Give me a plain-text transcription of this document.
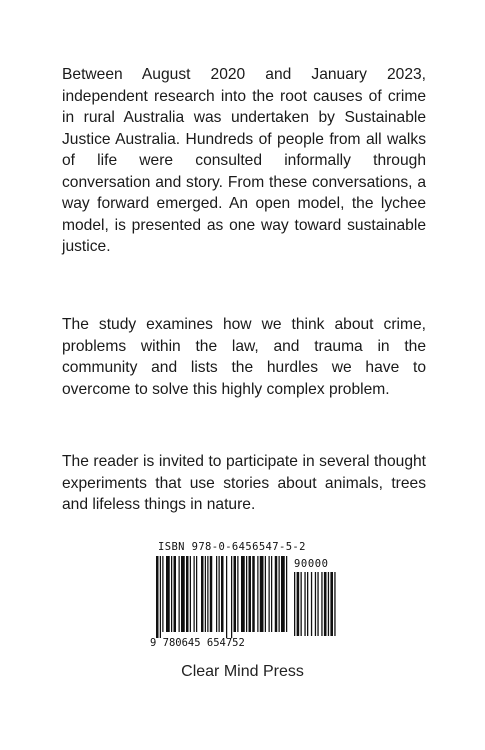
Between August 2020 and January 2023, independent research into the root causes of crime in rural Australia was undertaken by Sustainable Justice Australia. Hundreds of people from all walks of life were consulted informally through conversation and story. From these conversations, a way forward emerged. An open model, the lychee model, is presented as one way toward sustainable justice.

The study examines how we think about crime, problems within the law, and trauma in the community and lists the hurdles we have to overcome to solve this highly complex problem.

The reader is invited to participate in several thought experiments that use stories about animals, trees and lifeless things in nature.

ISBN 978-0-6456547-5-2
90000
9 780645 654752
Clear Mind Press
